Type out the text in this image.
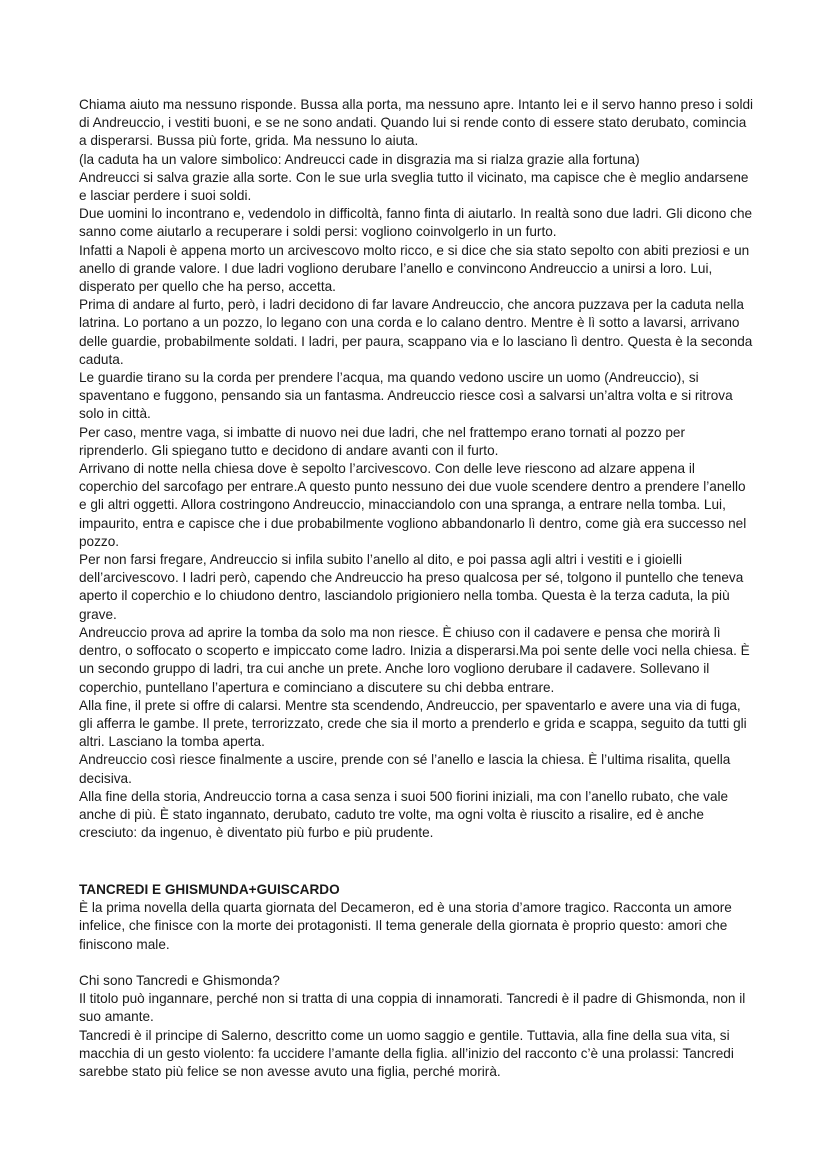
Chiama aiuto ma nessuno risponde. Bussa alla porta, ma nessuno apre. Intanto lei e il servo hanno preso i soldi di Andreuccio, i vestiti buoni, e se ne sono andati. Quando lui si rende conto di essere stato derubato, comincia a disperarsi. Bussa più forte, grida. Ma nessuno lo aiuta.

(la caduta ha un valore simbolico: Andreucci cade in disgrazia ma si rialza grazie alla fortuna)

Andreucci si salva grazie alla sorte. Con le sue urla sveglia tutto il vicinato, ma capisce che è meglio andarsene e lasciar perdere i suoi soldi.

Due uomini lo incontrano e, vedendolo in difficoltà, fanno finta di aiutarlo. In realtà sono due ladri. Gli dicono che sanno come aiutarlo a recuperare i soldi persi: vogliono coinvolgerlo in un furto.

Infatti a Napoli è appena morto un arcivescovo molto ricco, e si dice che sia stato sepolto con abiti preziosi e un anello di grande valore. I due ladri vogliono derubare l’anello e convincono Andreuccio a unirsi a loro. Lui, disperato per quello che ha perso, accetta.

Prima di andare al furto, però, i ladri decidono di far lavare Andreuccio, che ancora puzzava per la caduta nella latrina. Lo portano a un pozzo, lo legano con una corda e lo calano dentro. Mentre è lì sotto a lavarsi, arrivano delle guardie, probabilmente soldati. I ladri, per paura, scappano via e lo lasciano lì dentro. Questa è la seconda caduta.

Le guardie tirano su la corda per prendere l’acqua, ma quando vedono uscire un uomo (Andreuccio), si spaventano e fuggono, pensando sia un fantasma. Andreuccio riesce così a salvarsi un’altra volta e si ritrova solo in città.

Per caso, mentre vaga, si imbatte di nuovo nei due ladri, che nel frattempo erano tornati al pozzo per riprenderlo. Gli spiegano tutto e decidono di andare avanti con il furto.

Arrivano di notte nella chiesa dove è sepolto l’arcivescovo. Con delle leve riescono ad alzare appena il coperchio del sarcofago per entrare.A questo punto nessuno dei due vuole scendere dentro a prendere l’anello e gli altri oggetti. Allora costringono Andreuccio, minacciandolo con una spranga, a entrare nella tomba. Lui, impaurito, entra e capisce che i due probabilmente vogliono abbandonarlo lì dentro, come già era successo nel pozzo.

Per non farsi fregare, Andreuccio si infila subito l’anello al dito, e poi passa agli altri i vestiti e i gioielli dell’arcivescovo. I ladri però, capendo che Andreuccio ha preso qualcosa per sé, tolgono il puntello che teneva aperto il coperchio e lo chiudono dentro, lasciandolo prigioniero nella tomba. Questa è la terza caduta, la più grave.

Andreuccio prova ad aprire la tomba da solo ma non riesce. È chiuso con il cadavere e pensa che morirà lì dentro, o soffocato o scoperto e impiccato come ladro. Inizia a disperarsi.Ma poi sente delle voci nella chiesa. È un secondo gruppo di ladri, tra cui anche un prete. Anche loro vogliono derubare il cadavere. Sollevano il coperchio, puntellano l’apertura e cominciano a discutere su chi debba entrare.

Alla fine, il prete si offre di calarsi. Mentre sta scendendo, Andreuccio, per spaventarlo e avere una via di fuga, gli afferra le gambe. Il prete, terrorizzato, crede che sia il morto a prenderlo e grida e scappa, seguito da tutti gli altri. Lasciano la tomba aperta.

Andreuccio così riesce finalmente a uscire, prende con sé l’anello e lascia la chiesa. È l’ultima risalita, quella decisiva.

Alla fine della storia, Andreuccio torna a casa senza i suoi 500 fiorini iniziali, ma con l’anello rubato, che vale anche di più. È stato ingannato, derubato, caduto tre volte, ma ogni volta è riuscito a risalire, ed è anche cresciuto: da ingenuo, è diventato più furbo e più prudente.

TANCREDI E GHISMUNDA+GUISCARDO

È la prima novella della quarta giornata del Decameron, ed è una storia d’amore tragico. Racconta un amore infelice, che finisce con la morte dei protagonisti. Il tema generale della giornata è proprio questo: amori che finiscono male.

Chi sono Tancredi e Ghismonda?

Il titolo può ingannare, perché non si tratta di una coppia di innamorati. Tancredi è il padre di Ghismonda, non il suo amante.

Tancredi è il principe di Salerno, descritto come un uomo saggio e gentile. Tuttavia, alla fine della sua vita, si macchia di un gesto violento: fa uccidere l’amante della figlia. all’inizio del racconto c’è una prolassi: Tancredi sarebbe stato più felice se non avesse avuto una figlia, perché morirà.
